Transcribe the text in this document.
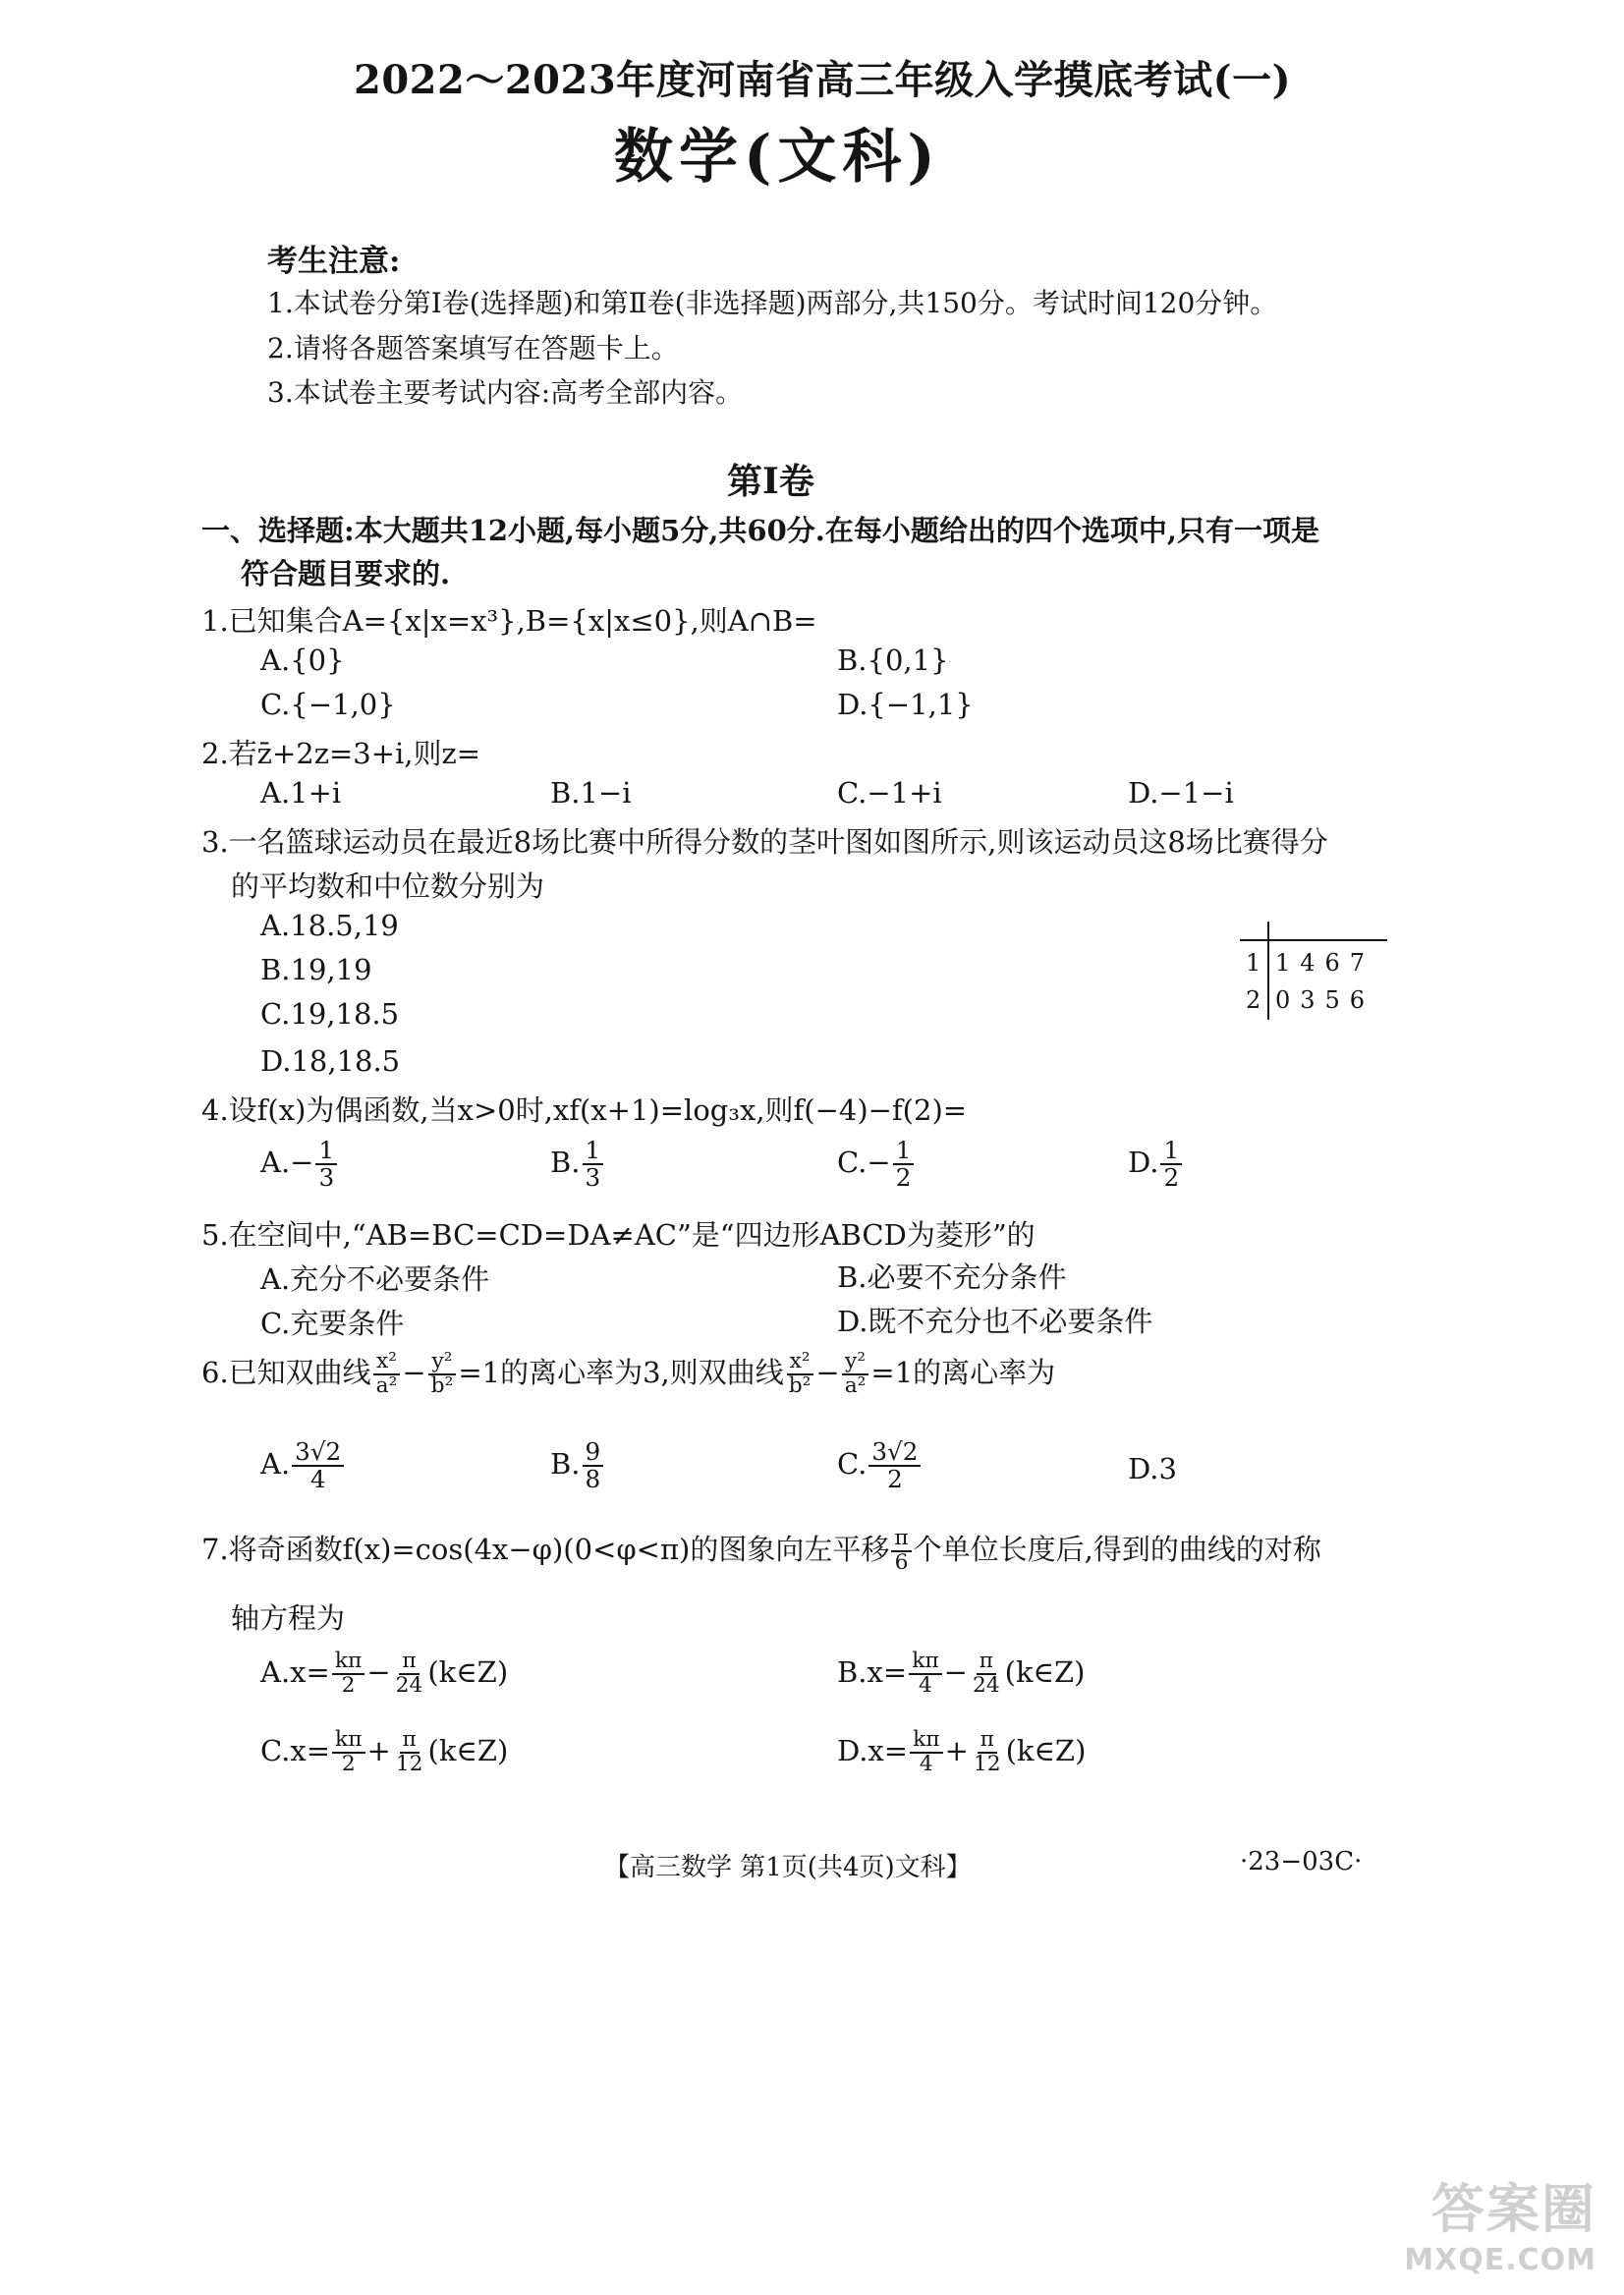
2022～2023年度河南省高三年级入学摸底考试(一)
数学(文科)
考生注意:
1.本试卷分第Ⅰ卷(选择题)和第Ⅱ卷(非选择题)两部分,共150分。考试时间120分钟。
2.请将各题答案填写在答题卡上。
3.本试卷主要考试内容:高考全部内容。
第Ⅰ卷
一、选择题:本大题共12小题,每小题5分,共60分.在每小题给出的四个选项中,只有一项是
符合题目要求的.
1.已知集合A={x|x=x³},B={x|x≤0},则A∩B=
A.{0}	B.{0,1}
C.{−1,0}	D.{−1,1}
2.若z̄+2z=3+i,则z=
A.1+i	B.1−i	C.−1+i	D.−1−i
3.一名篮球运动员在最近8场比赛中所得分数的茎叶图如图所示,则该运动员这8场比赛得分
的平均数和中位数分别为
A.18.5,19
B.19,19
C.19,18.5
D.18,18.5
1 1467
2 0356
4.设f(x)为偶函数,当x>0时,xf(x+1)=log₃x,则f(−4)−f(2)=
$A.- \frac{1}{3}$	B. $\frac{1}{3}$	$C.- \frac{1}{2}$	D. $\frac{1}{2}$
5.在空间中,“AB=BC=CD=DA≠AC”是“四边形ABCD为菱形”的
A.充分不必要条件	B.必要不充分条件
C.充要条件	D.既不充分也不必要条件
6.已知双曲线 $\frac{\text{x²}}{\text{a²}} - \frac{\text{y²}}{\text{b²}} =1$的离心率为3,则双曲线 $\frac{\text{x²}}{\text{b²}} - \frac{\text{y²}}{\text{a²}} =1$的离心率为
A. $\frac{3√2}{4}$	B. $\frac{9}{8}$	C. $\frac{3√2}{2}$	D.3
7.将奇函数f(x)=cos(4x−φ)(0<φ<π)的图象向左平移 $\frac{\pi}{6}$ 个单位长度后,得到的曲线的对称
轴方程为
$A.x= \frac{k\pi}{2} - \frac{\pi}{24}$ (k∈Z)	$B.x= \frac{k\pi}{4} - \frac{\pi}{24}$ (k∈Z)
$C.x= \frac{k\pi}{2} + \frac{\pi}{12}$ (k∈Z)	$D.x= \frac{k\pi}{4} + \frac{\pi}{12}$ (k∈Z)
【高三数学 第1页(共4页)文科】	·23−03C·
答案圈
MXQE.COM
